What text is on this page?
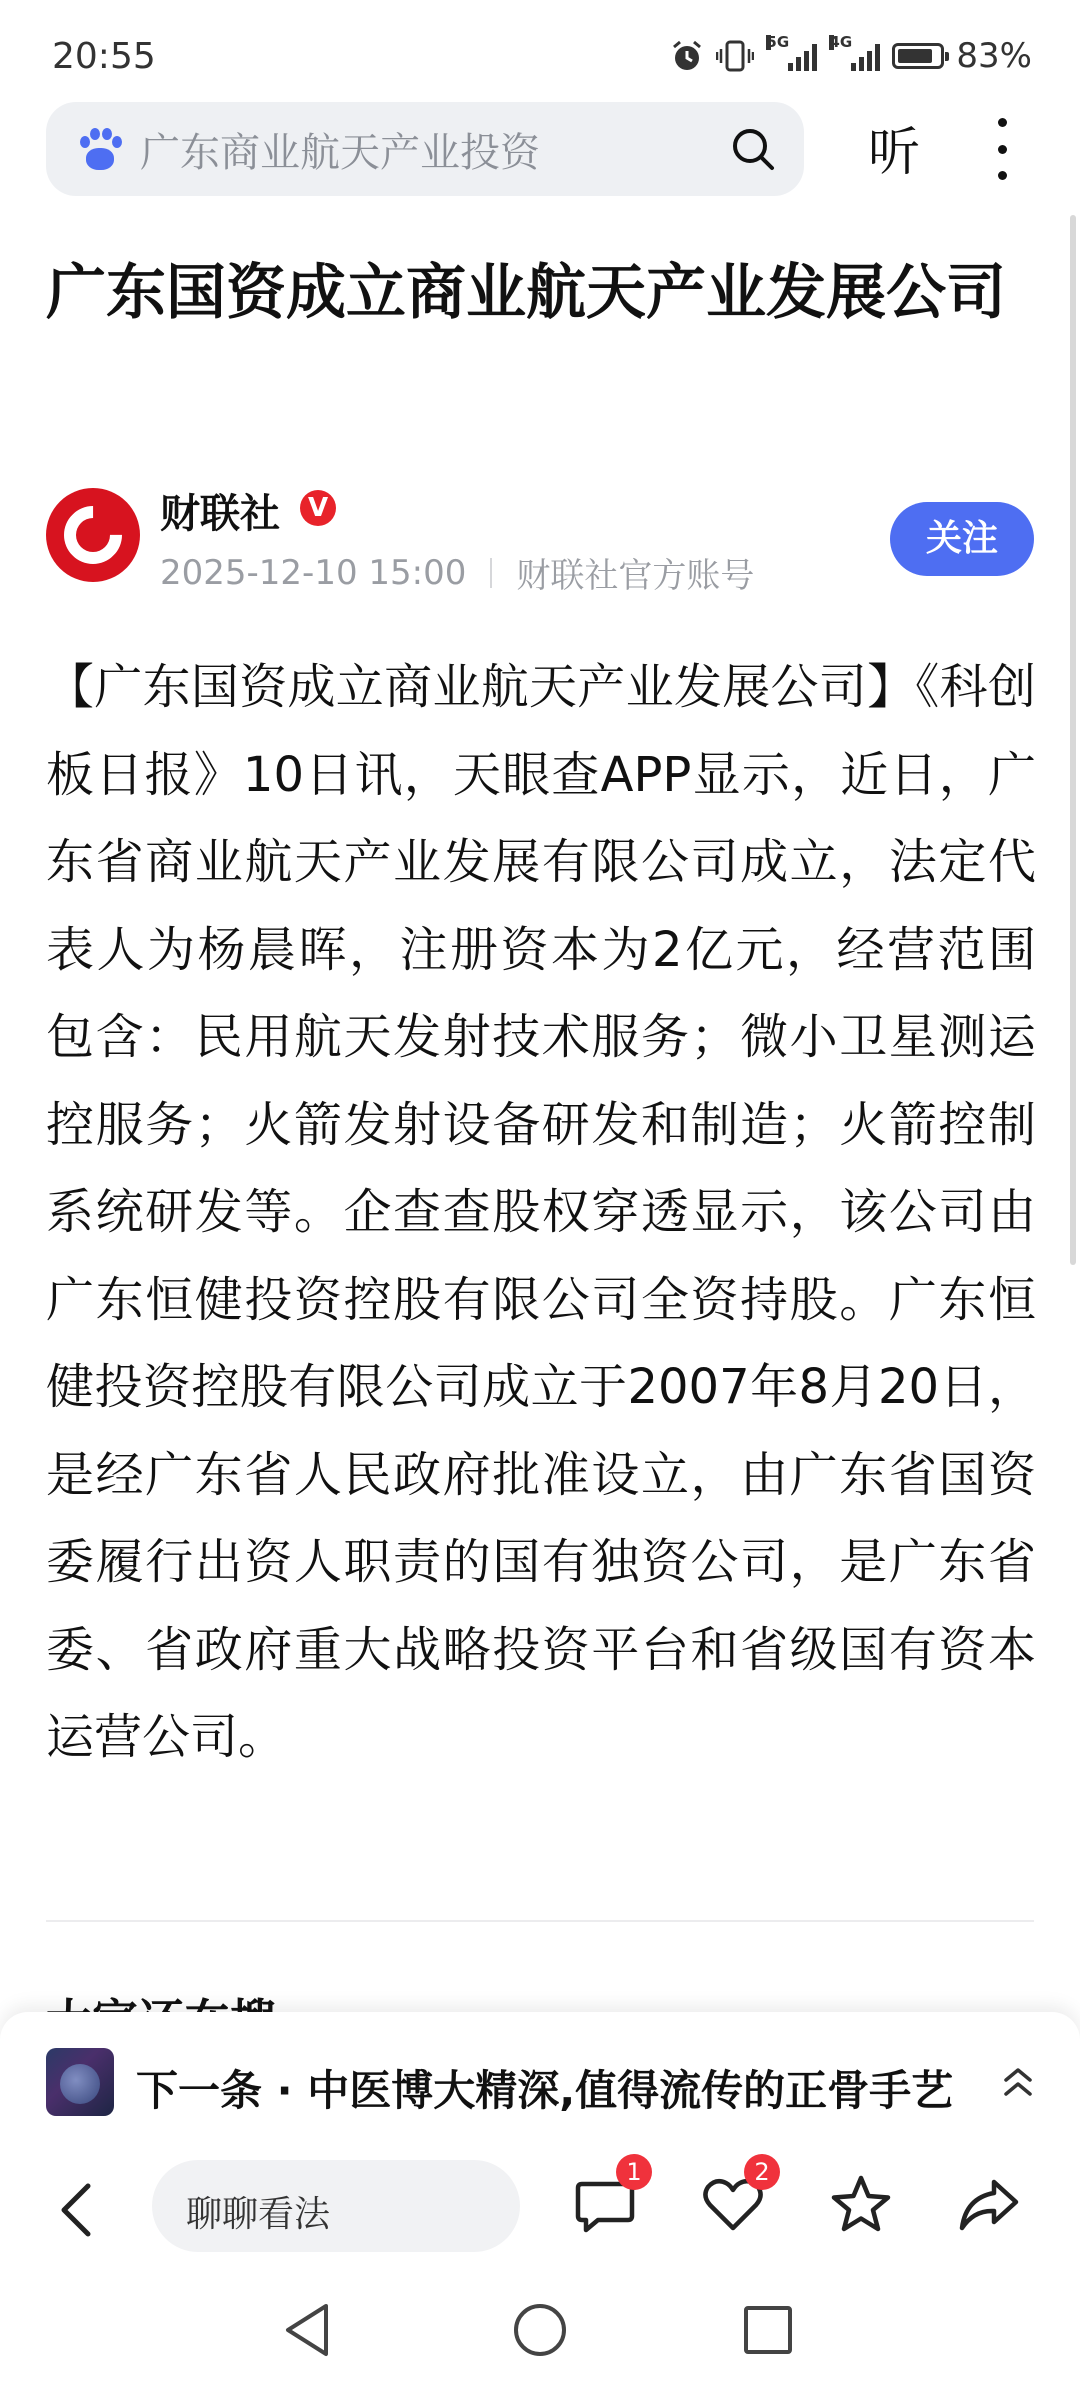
20:55	5G	4G	83%
广东商业航天产业投资	听
广东国资成立商业航天产业发展公司
财联社	V
2025-12-10 15:00 财联社官方账号
关注
【广东国资成立商业航天产业发展公司】《科创板日报》10日讯，天眼查APP显示，近日，广东省商业航天产业发展有限公司成立，法定代表人为杨晨晖，注册资本为2亿元，经营范围包含：民用航天发射技术服务；微小卫星测运控服务；火箭发射设备研发和制造；火箭控制系统研发等。企查查股权穿透显示，该公司由广东恒健投资控股有限公司全资持股。广东恒健投资控股有限公司成立于2007年8月20日，是经广东省人民政府批准设立，由广东省国资委履行出资人职责的国有独资公司，是广东省委、省政府重大战略投资平台和省级国有资本运营公司。
下一条 · 中医博大精深,值得流传的正骨手艺
聊聊看法
1	2
